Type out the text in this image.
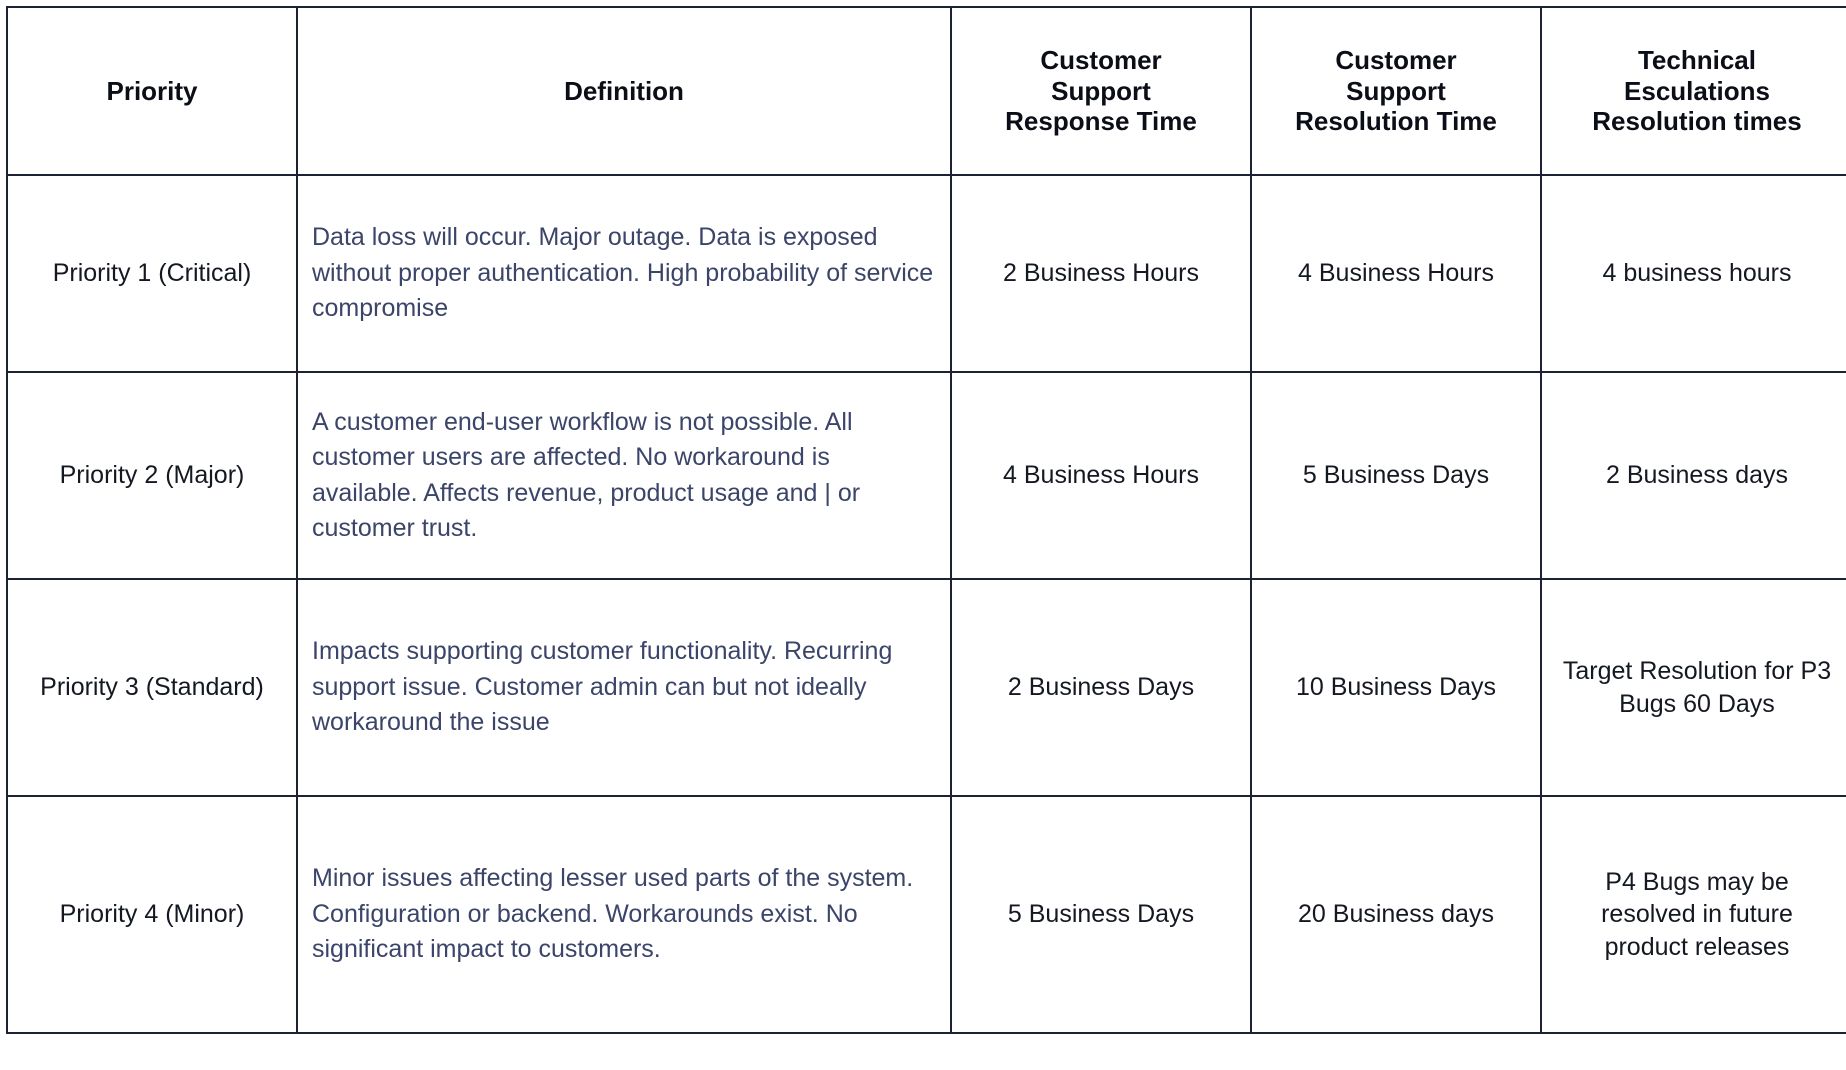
Priority	Definition	Customer
Support
Response Time	Customer
Support
Resolution Time	Technical
Esculations
Resolution times

Priority 1 (Critical)	Data loss will occur. Major outage. Data is exposed without proper authentication. High probability of service compromise	2 Business Hours	4 Business Hours	4 business hours
Priority 2 (Major)	A customer end-user workflow is not possible. All customer users are affected. No workaround is available. Affects revenue, product usage and | or customer trust.	4 Business Hours	5 Business Days	2 Business days
Priority 3 (Standard)	Impacts supporting customer functionality. Recurring support issue. Customer admin can but not ideally workaround the issue	2 Business Days	10 Business Days	Target Resolution for P3 Bugs 60 Days
Priority 4 (Minor)	Minor issues affecting lesser used parts of the system. Configuration or backend. Workarounds exist. No significant impact to customers.	5 Business Days	20 Business days	P4 Bugs may be resolved in future product releases
